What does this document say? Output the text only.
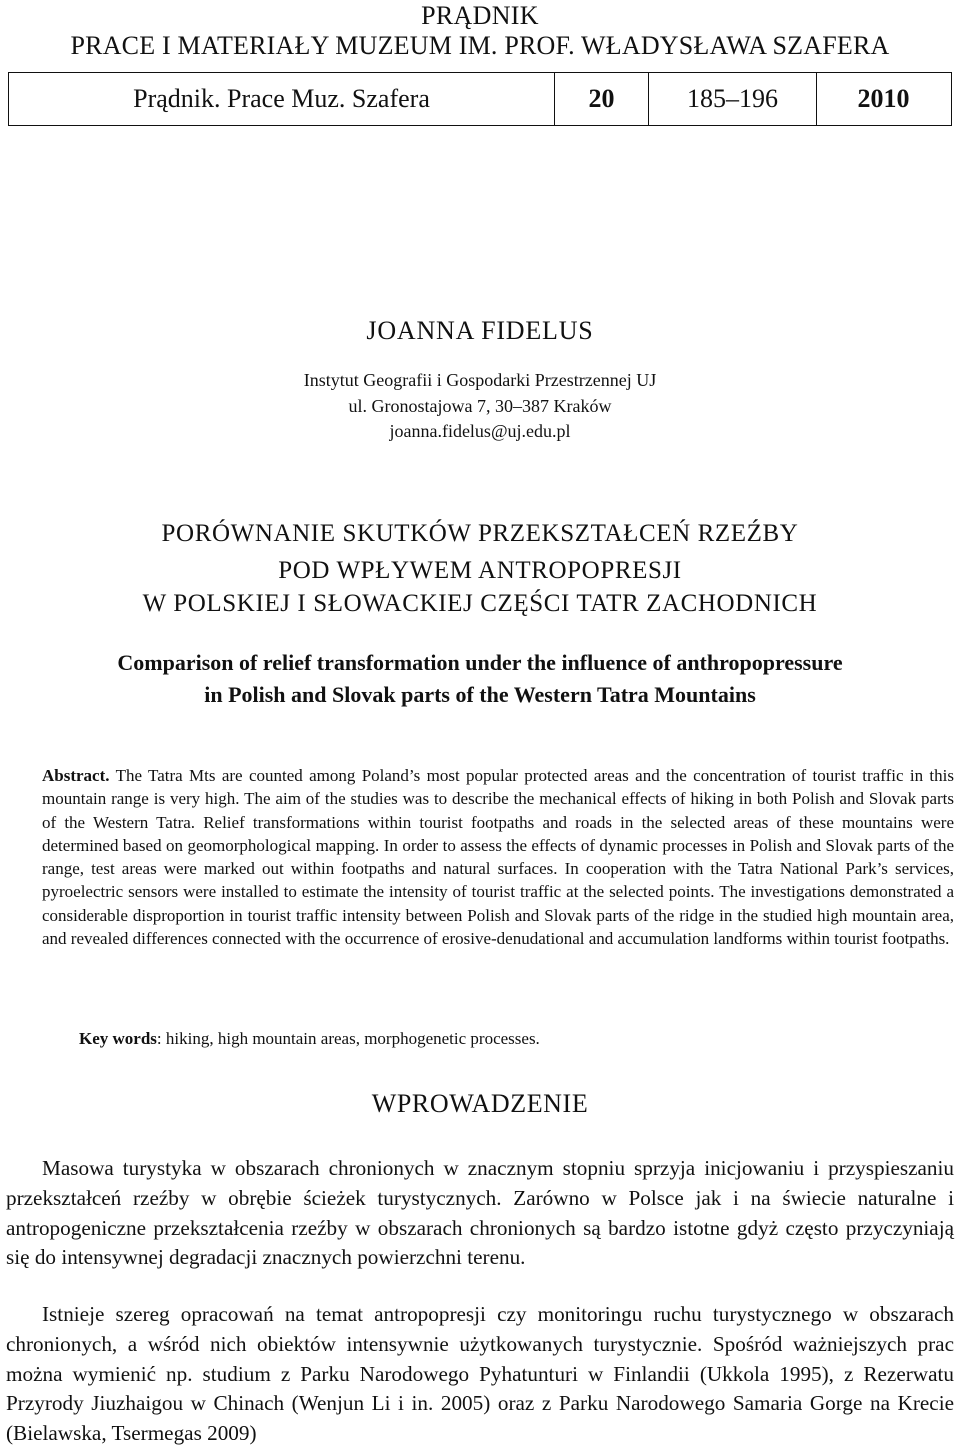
PRĄDNIK
PRACE I MATERIAŁY MUZEUM IM. PROF. WŁADYSŁAWA SZAFERA
Prądnik. Prace Muz. Szafera	20	185–196	2010
JOANNA FIDELUS
Instytut Geografii i Gospodarki Przestrzennej UJ
ul. Gronostajowa 7, 30–387 Kraków
joanna.fidelus@uj.edu.pl
PORÓWNANIE SKUTKÓW PRZEKSZTAŁCEŃ RZEŹBY
POD WPŁYWEM ANTROPOPRESJI
W POLSKIEJ I SŁOWACKIEJ CZĘŚCI TATR ZACHODNICH
Comparison of relief transformation under the influence of anthropopressure
in Polish and Slovak parts of the Western Tatra Mountains

Abstract. The Tatra Mts are counted among Poland’s most popular protected areas and the concentration of tourist traffic in this mountain range is very high. The aim of the studies was to describe the mechanical effects of hiking in both Polish and Slovak parts of the Western Tatra. Relief transformations within tourist footpaths and roads in the selected areas of these mountains were determined based on geomorphological mapping. In order to assess the effects of dynamic processes in Polish and Slovak parts of the range, test areas were marked out within footpaths and natural surfaces. In cooperation with the Tatra National Park’s services, pyroelectric sensors were installed to estimate the intensity of tourist traffic at the selected points. The investigations demonstrated a considerable disproportion in tourist traffic intensity between Polish and Slovak parts of the ridge in the studied high mountain area, and revealed differences connected with the occurrence of erosive-denudational and accumulation landforms within tourist footpaths.

Key words: hiking, high mountain areas, morphogenetic processes.

WPROWADZENIE

Masowa turystyka w obszarach chronionych w znacznym stopniu sprzyja inicjowaniu i przyspieszaniu przekształceń rzeźby w obrębie ścieżek turystycznych. Zarówno w Polsce jak i na świecie naturalne i antropogeniczne przekształcenia rzeźby w obszarach chronionych są bardzo istotne gdyż często przyczyniają się do intensywnej degradacji znacznych powierzchni terenu.

Istnieje szereg opracowań na temat antropopresji czy monitoringu ruchu turystycznego w obszarach chronionych, a wśród nich obiektów intensywnie użytkowanych turystycznie. Spośród ważniejszych prac można wymienić np. studium z Parku Narodowego Pyhatunturi w Finlandii (Ukkola 1995), z Rezerwatu Przyrody Jiuzhaigou w Chinach (Wenjun Li i in. 2005) oraz z Parku Narodowego Samaria Gorge na Krecie (Bielawska, Tsermegas 2009)
